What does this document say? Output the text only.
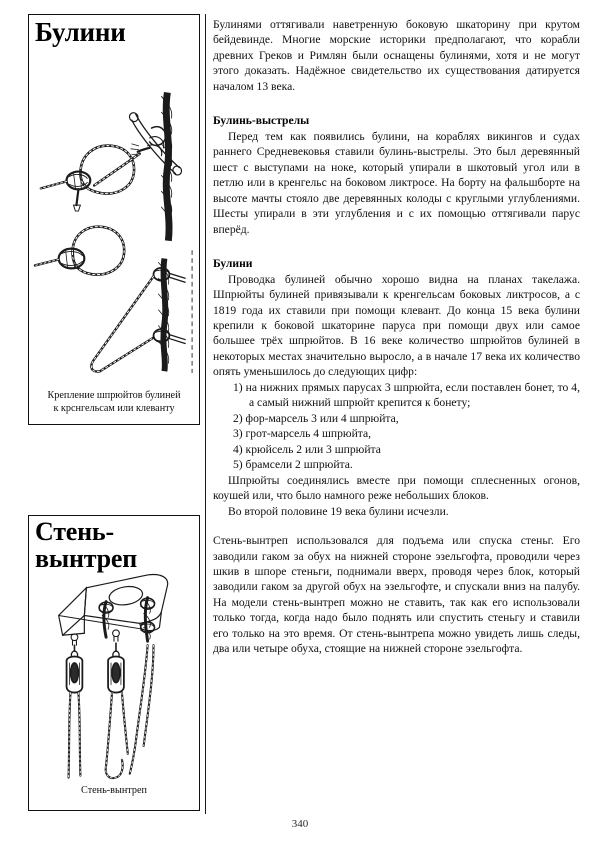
Булини
Крепление шпрюйтов булиней
к крснгельсам или клеванту
Стень-
вынтреп
Стень-вынтреп

Булинями оттягивали наветренную боковую шкаторину при крутом бейдевинде. Многие морские историки предполагают, что корабли древних Греков и Римлян были оснащены булинями, хотя и не могут этого доказать. Надёжное свидетельство их существования датируется началом 13 века.

Булинь-выстрелы

Перед тем как появились булини, на кораблях викингов и судах раннего Средневековья ставили булинь-выстрелы. Это был деревянный шест с выступами на ноке, который упирали в шкотовый угол или в петлю или в кренгельс на боковом ликтросе. На борту на фальшборте на высоте мачты стояло две деревянных колоды с круглыми углублениями. Шесты упирали в эти углубления и с их помощью оттягивали парус вперёд.

Булини

Проводка булиней обычно хорошо видна на планах такелажа. Шпрюйты булиней привязывали к кренгельсам боковых ликтросов, а с 1819 года их ставили при помощи клевант. До конца 15 века булини крепили к боковой шкаторине паруса при помощи двух или самое большее трёх шпрюйтов. В 16 веке количество шпрюйтов булиней в некоторых местах значительно выросло, а в начале 17 века их количество опять уменьшилось до следующих цифр:

1) на нижних прямых парусах 3 шпрюйта, если поставлен бонет, то 4, а самый нижний шпрюйт крепится к бонету;
2) фор-марсель 3 или 4 шпрюйта,
3) грот-марсель 4 шпрюйта,
4) крюйсель 2 или 3 шпрюйта
5) брамсели 2 шпрюйта.

Шпрюйты соединялись вместе при помощи сплесненных огонов, коушей или, что было намного реже небольших блоков.

Во второй половине 19 века булини исчезли.

Стень-вынтреп использовался для подъема или спуска стеньг. Его заводили гаком за обух на нижней стороне эзельгофта, проводили через шкив в шпоре стеньги, поднимали вверх, проводя через блок, который заводили гаком за другой обух на эзельгофте, и спускали вниз на палубу. На модели стень-вынтреп можно не ставить, так как его использовали только тогда, когда надо было поднять или спустить стеньгу и ставили его только на это время. От стень-вынтрепа можно увидеть лишь следы, два или четыре обуха, стоящие на нижней стороне эзельгофта.

340
